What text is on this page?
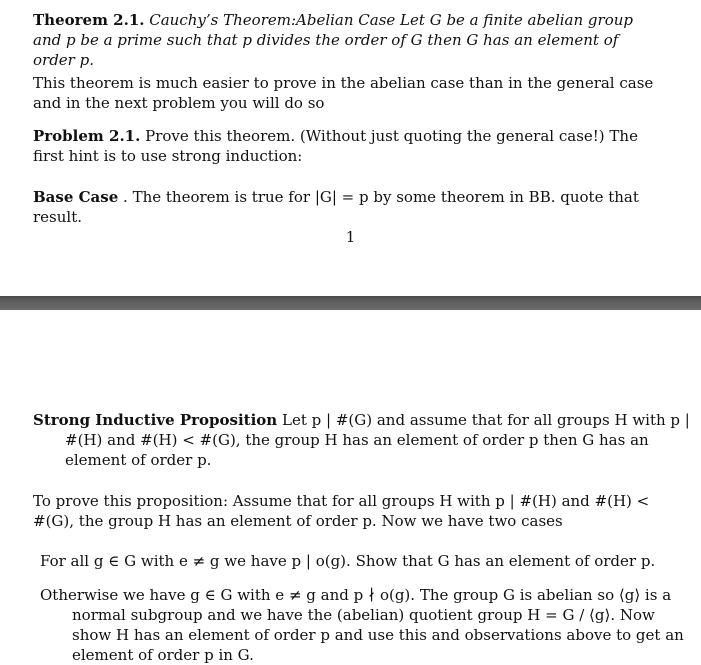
Theorem 2.1. Cauchy’s Theorem:Abelian Case Let G be a finite abelian group and p be a prime such that p divides the order of G then G has an element of order p.
This theorem is much easier to prove in the abelian case than in the general case and in the next problem you will do so
Problem 2.1. Prove this theorem. (Without just quoting the general case!) The first hint is to use strong induction:
Base Case . The theorem is true for |G| = p by some theorem in BB. quote that result.
1
Strong Inductive Proposition Let p | #(G) and assume that for all groups H with p | #(H) and #(H) < #(G), the group H has an element of order p then G has an element of order p.
To prove this proposition: Assume that for all groups H with p | #(H) and #(H) < #(G), the group H has an element of order p. Now we have two cases
For all g ∈ G with e ≠ g we have p | o(g). Show that G has an element of order p.
Otherwise we have g ∈ G with e ≠ g and p ∤ o(g). The group G is abelian so ⟨g⟩ is a normal subgroup and we have the (abelian) quotient group H = G / ⟨g⟩. Now show H has an element of order p and use this and observations above to get an element of order p in G.
